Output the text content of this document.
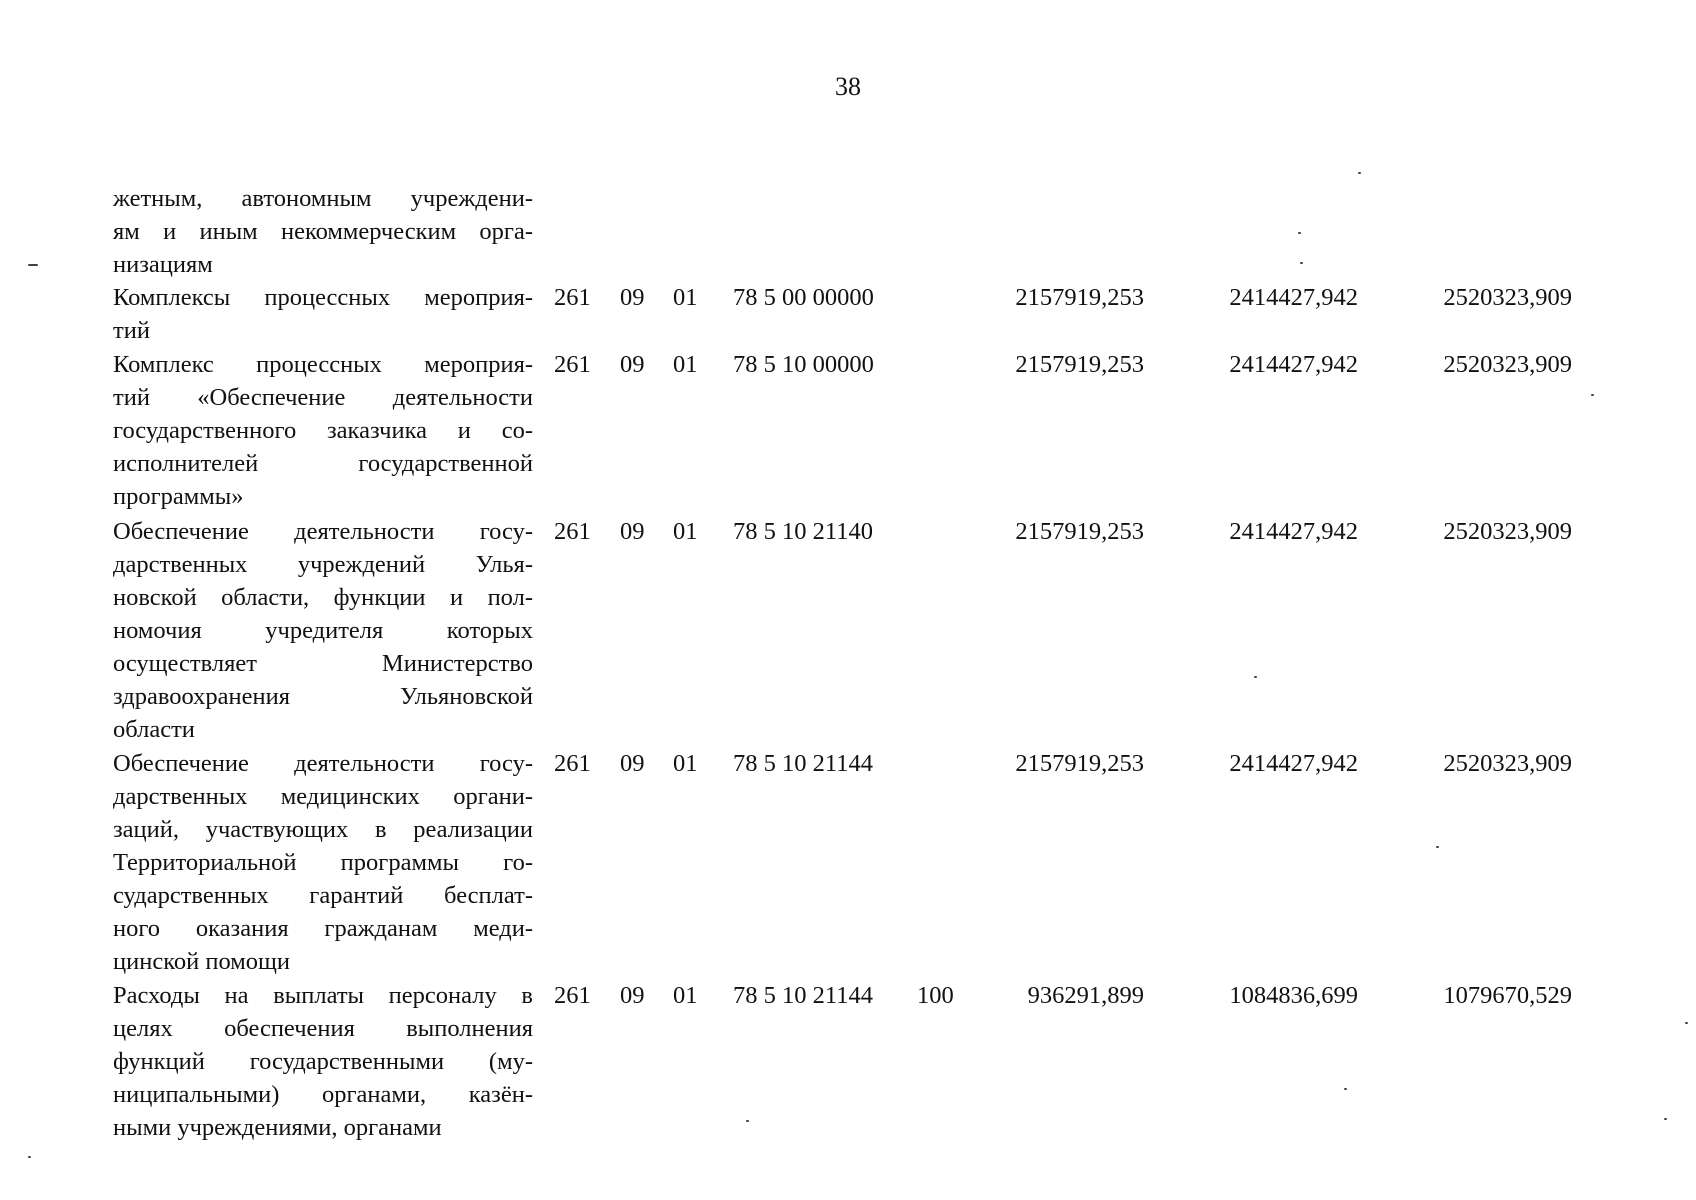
38
жетным, автономным учреждени-
ям и иным некоммерческим орга-
низациям
Комплексы процессных мероприя-
тий
261 09 01 78 5 00 00000	2157919,253	2414427,942	2520323,909
Комплекс процессных мероприя-
тий «Обеспечение деятельности
государственного заказчика и со-
исполнителей государственной
программы»
261 09 01 78 5 10 00000	2157919,253	2414427,942	2520323,909
Обеспечение деятельности госу-
дарственных учреждений Улья-
новской области, функции и пол-
номочия учредителя которых
осуществляет Министерство
здравоохранения Ульяновской
области
261 09 01 78 5 10 21140	2157919,253	2414427,942	2520323,909
Обеспечение деятельности госу-
дарственных медицинских органи-
заций, участвующих в реализации
Территориальной программы го-
сударственных гарантий бесплат-
ного оказания гражданам меди-
цинской помощи
261 09 01 78 5 10 21144	2157919,253	2414427,942	2520323,909
Расходы на выплаты персоналу в
целях обеспечения выполнения
функций государственными (му-
ниципальными) органами, казён-
ными учреждениями, органами
261 09 01 78 5 10 21144 100	936291,899	1084836,699	1079670,529
